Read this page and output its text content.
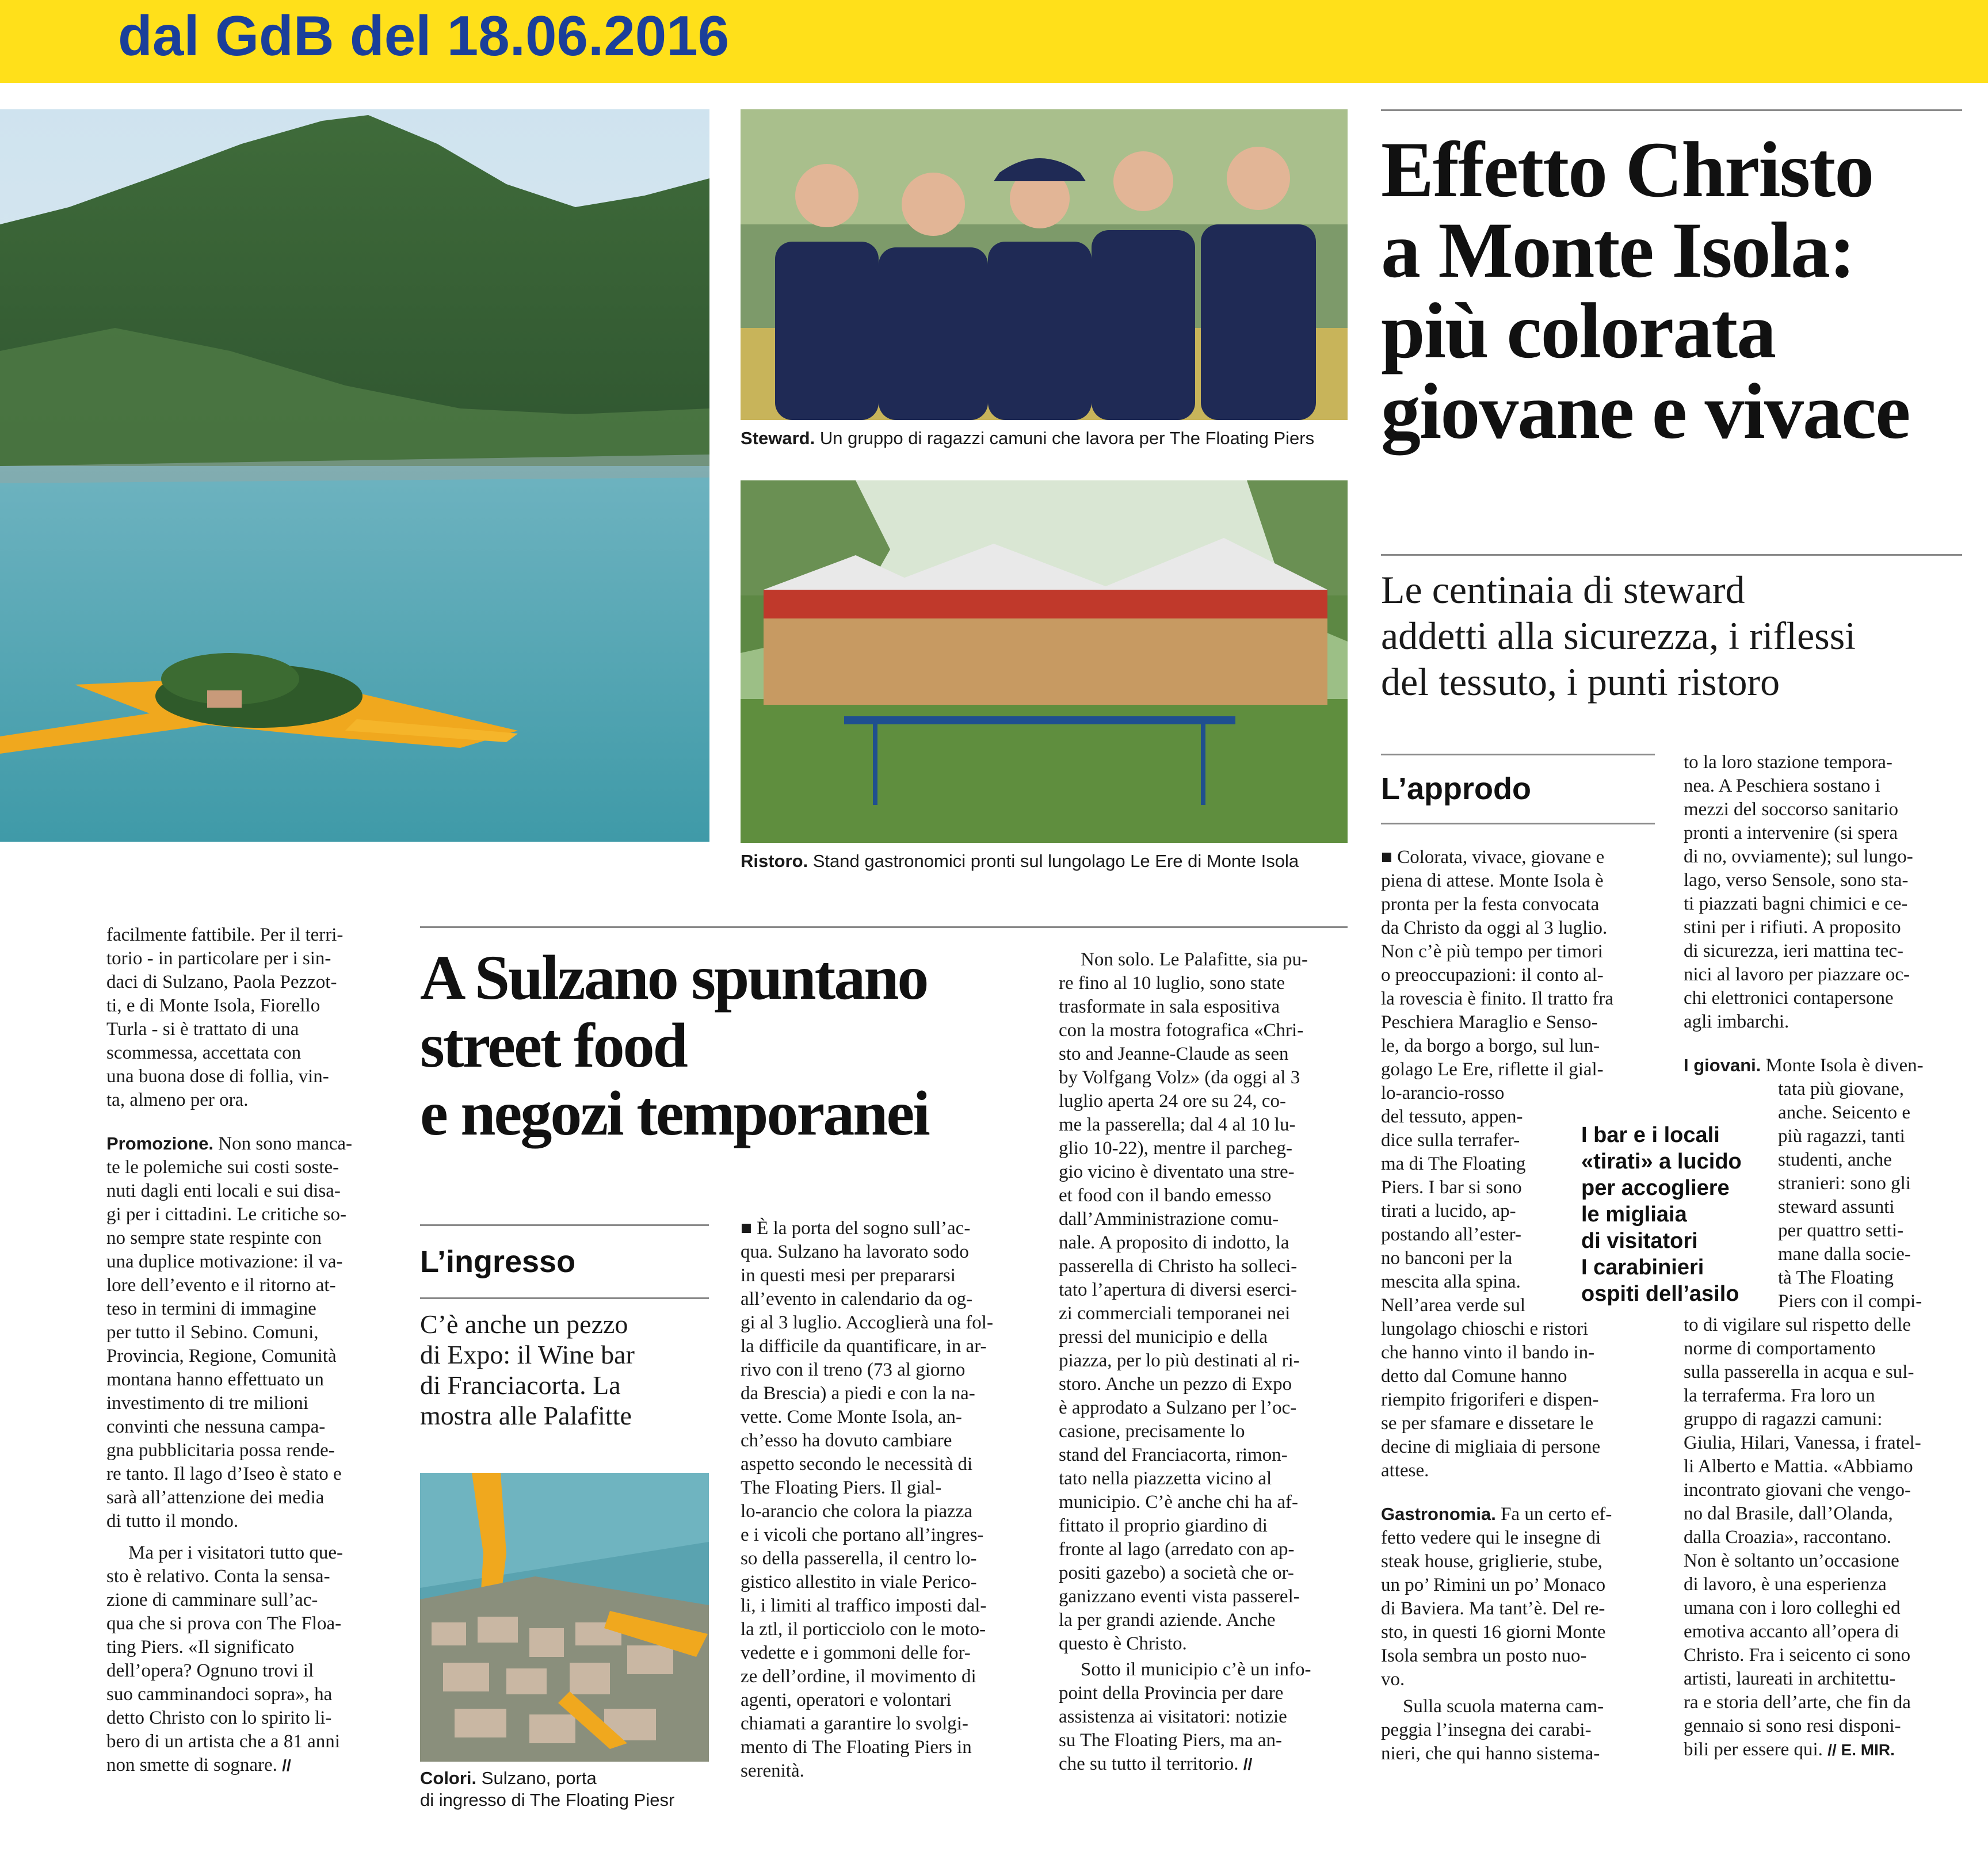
dal GdB del 18.06.2016
Steward. Un gruppo di ragazzi camuni che lavora per The Floating Piers
Ristoro. Stand gastronomici pronti sul lungolago Le Ere di Monte Isola
Effetto Christo
a Monte Isola:
più colorata
giovane e vivace
Le centinaia di steward
addetti alla sicurezza, i riflessi
del tessuto, i punti ristoro
L’approdo
■ Colorata, vivace, giovane e
piena di attese. Monte Isola è
pronta per la festa convocata
da Christo da oggi al 3 luglio.
Non c’è più tempo per timori
o preoccupazioni: il conto al-
la rovescia è finito. Il tratto fra
Peschiera Maraglio e Senso-
le, da borgo a borgo, sul lun-
golago Le Ere, riflette il gial-
lo-arancio-rosso
del tessuto, appen-
dice sulla terrafer-
ma di The Floating
Piers. I bar si sono
tirati a lucido, ap-
postando all’ester-
no banconi per la
mescita alla spina.
Nell’area verde sul
lungolago chioschi e ristori
che hanno vinto il bando in-
detto dal Comune hanno
riempito frigoriferi e dispen-
se per sfamare e dissetare le
decine di migliaia di persone
attese.
Gastronomia. Fa un certo ef-
fetto vedere qui le insegne di
steak house, griglierie, stube,
un po’ Rimini un po’ Monaco
di Baviera. Ma tant’è. Del re-
sto, in questi 16 giorni Monte
Isola sembra un posto nuo-
vo.
Sulla scuola materna cam-
peggia l’insegna dei carabi-
nieri, che qui hanno sistema-
I bar e i locali
«tirati» a lucido
per accogliere
le migliaia
di visitatori
I carabinieri
ospiti dell’asilo
to la loro stazione tempora-
nea. A Peschiera sostano i
mezzi del soccorso sanitario
pronti a intervenire (si spera
di no, ovviamente); sul lungo-
lago, verso Sensole, sono sta-
ti piazzati bagni chimici e ce-
stini per i rifiuti. A proposito
di sicurezza, ieri mattina tec-
nici al lavoro per piazzare oc-
chi elettronici contapersone
agli imbarchi.
I giovani. Monte Isola è diven-
tata più giovane,
anche. Seicento e
più ragazzi, tanti
studenti, anche
stranieri: sono gli
steward assunti
per quattro setti-
mane dalla socie-
tà The Floating
Piers con il compi-
to di vigilare sul rispetto delle
norme di comportamento
sulla passerella in acqua e sul-
la terraferma. Fra loro un
gruppo di ragazzi camuni:
Giulia, Hilari, Vanessa, i fratel-
li Alberto e Mattia. «Abbiamo
incontrato giovani che vengo-
no dal Brasile, dall’Olanda,
dalla Croazia», raccontano.
Non è soltanto un’occasione
di lavoro, è una esperienza
umana con i loro colleghi ed
emotiva accanto all’opera di
Christo. Fra i seicento ci sono
artisti, laureati in architettu-
ra e storia dell’arte, che fin da
gennaio si sono resi disponi-
bili per essere qui. // E. MIR.
facilmente fattibile. Per il terri-
torio - in particolare per i sin-
daci di Sulzano, Paola Pezzot-
ti, e di Monte Isola, Fiorello
Turla - si è trattato di una
scommessa, accettata con
una buona dose di follia, vin-
ta, almeno per ora.
Promozione. Non sono manca-
te le polemiche sui costi soste-
nuti dagli enti locali e sui disa-
gi per i cittadini. Le critiche so-
no sempre state respinte con
una duplice motivazione: il va-
lore dell’evento e il ritorno at-
teso in termini di immagine
per tutto il Sebino. Comuni,
Provincia, Regione, Comunità
montana hanno effettuato un
investimento di tre milioni
convinti che nessuna campa-
gna pubblicitaria possa rende-
re tanto. Il lago d’Iseo è stato e
sarà all’attenzione dei media
di tutto il mondo.
Ma per i visitatori tutto que-
sto è relativo. Conta la sensa-
zione di camminare sull’ac-
qua che si prova con The Floa-
ting Piers. «Il significato
dell’opera? Ognuno trovi il
suo camminandoci sopra», ha
detto Christo con lo spirito li-
bero di un artista che a 81 anni
non smette di sognare. //
A Sulzano spuntano
street food
e negozi temporanei
L’ingresso
C’è anche un pezzo
di Expo: il Wine bar
di Franciacorta. La
mostra alle Palafitte
Colori. Sulzano, porta
di ingresso di The Floating Piesr
■ È la porta del sogno sull’ac-
qua. Sulzano ha lavorato sodo
in questi mesi per prepararsi
all’evento in calendario da og-
gi al 3 luglio. Accoglierà una fol-
la difficile da quantificare, in ar-
rivo con il treno (73 al giorno
da Brescia) a piedi e con la na-
vette. Come Monte Isola, an-
ch’esso ha dovuto cambiare
aspetto secondo le necessità di
The Floating Piers. Il gial-
lo-arancio che colora la piazza
e i vicoli che portano all’ingres-
so della passerella, il centro lo-
gistico allestito in viale Perico-
li, i limiti al traffico imposti dal-
la ztl, il porticciolo con le moto-
vedette e i gommoni delle for-
ze dell’ordine, il movimento di
agenti, operatori e volontari
chiamati a garantire lo svolgi-
mento di The Floating Piers in
serenità.
Non solo. Le Palafitte, sia pu-
re fino al 10 luglio, sono state
trasformate in sala espositiva
con la mostra fotografica «Chri-
sto and Jeanne-Claude as seen
by Volfgang Volz» (da oggi al 3
luglio aperta 24 ore su 24, co-
me la passerella; dal 4 al 10 lu-
glio 10-22), mentre il parcheg-
gio vicino è diventato una stre-
et food con il bando emesso
dall’Amministrazione comu-
nale. A proposito di indotto, la
passerella di Christo ha solleci-
tato l’apertura di diversi eserci-
zi commerciali temporanei nei
pressi del municipio e della
piazza, per lo più destinati al ri-
storo. Anche un pezzo di Expo
è approdato a Sulzano per l’oc-
casione, precisamente lo
stand del Franciacorta, rimon-
tato nella piazzetta vicino al
municipio. C’è anche chi ha af-
fittato il proprio giardino di
fronte al lago (arredato con ap-
positi gazebo) a società che or-
ganizzano eventi vista passerel-
la per grandi aziende. Anche
questo è Christo.
Sotto il municipio c’è un info-
point della Provincia per dare
assistenza ai visitatori: notizie
su The Floating Piers, ma an-
che su tutto il territorio. //
